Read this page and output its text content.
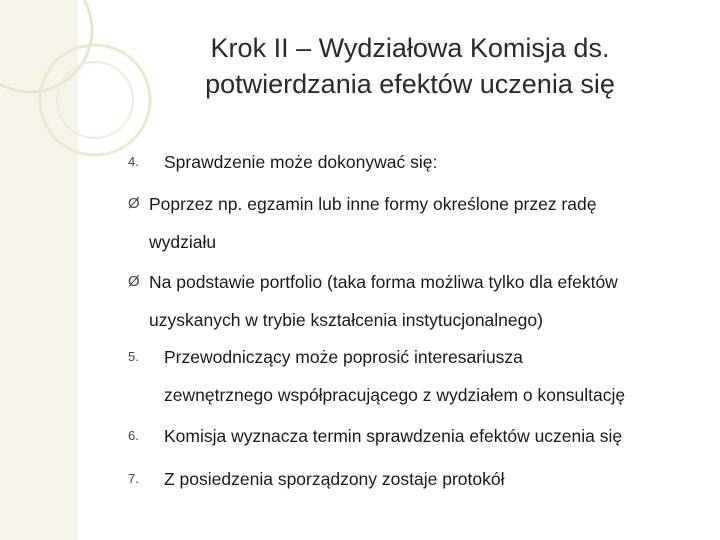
Krok II – Wydziałowa Komisja ds.
potwierdzania efektów uczenia się
4.	Sprawdzenie może dokonywać się:
Ø Poprzez np. egzamin lub inne formy określone przez radę
wydziału
Ø Na podstawie portfolio (taka forma możliwa tylko dla efektów
uzyskanych w trybie kształcenia instytucjonalnego)
5.	Przewodniczący może poprosić interesariusza
zewnętrznego współpracującego z wydziałem o konsultację
6.	Komisja wyznacza termin sprawdzenia efektów uczenia się
7.	Z posiedzenia sporządzony zostaje protokół
